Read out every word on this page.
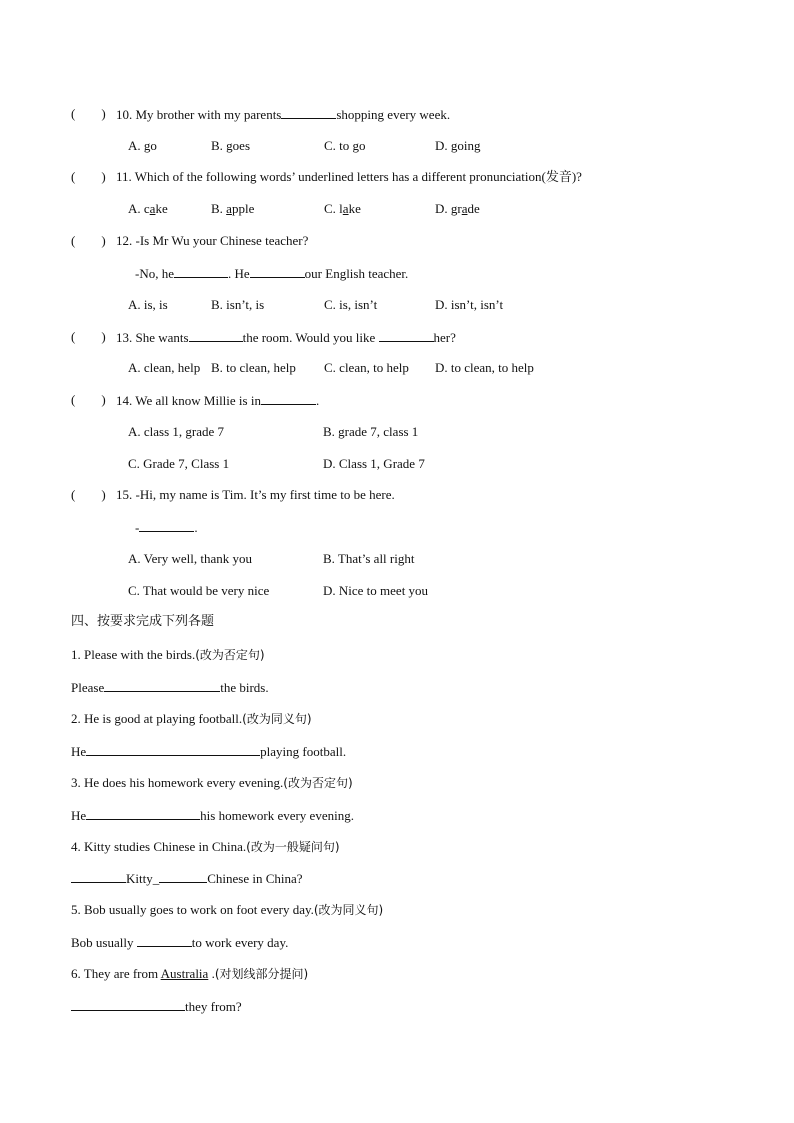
(        ) 10. My brother with my parents	shopping every week.
A. go	B. goes	C. to go	D. going
(        ) 11. Which of the following words’ underlined letters has a different pronunciation(发音)?
A. cake	B. apple	C. lake	D. grade
(        ) 12. -Is Mr Wu your Chinese teacher?
-No, he	. He	our English teacher.
A. is, is	B. isn’t, is	C. is, isn’t	D. isn’t, isn’t
(        ) 13. She wants	the room. Would you like	her?
A. clean, help B. to clean, help C. clean, to help D. to clean, to help
(        ) 14. We all know Millie is in	.
A. class 1, grade 7	B. grade 7, class 1
C. Grade 7, Class 1	D. Class 1, Grade 7
(        ) 15. -Hi, my name is Tim. It’s my first time to be here.
-	.
A. Very well, thank you	B. That’s all right
C. That would be very nice	D. Nice to meet you
四、按要求完成下列各题
1. Please with the birds.(改为否定句)
Please	the birds.
2. He is good at playing football.(改为同义句)
He	playing football.
3. He does his homework every evening.(改为否定句)
He	his homework every evening.
4. Kitty studies Chinese in China.(改为一般疑问句)
Kitty_	Chinese in China?
5. Bob usually goes to work on foot every day.(改为同义句)
Bob usually	to work every day.
6. They are from Australia .(对划线部分提问)
they from?
